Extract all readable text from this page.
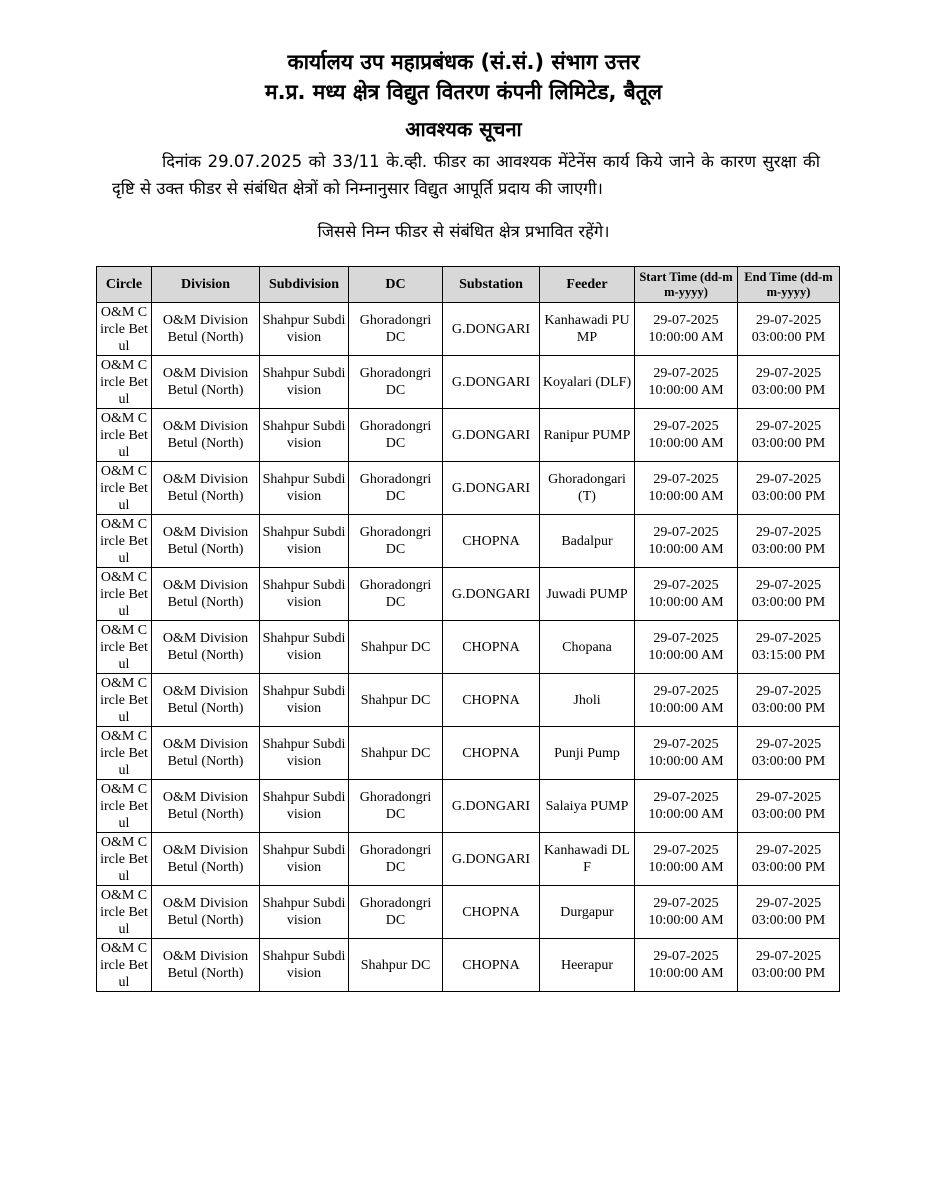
कार्यालय उप महाप्रबंधक (सं.सं.) संभाग उत्तर
म.प्र. मध्य क्षेत्र विद्युत वितरण कंपनी लिमिटेड, बैतूल
आवश्यक सूचना
दिनांक 29.07.2025 को 33/11 के.व्ही. फीडर का आवश्यक मेंटेनेंस कार्य किये जाने के कारण सुरक्षा की दृष्टि से उक्त फीडर से संबंधित क्षेत्रों को निम्नानुसार विद्युत आपूर्ति प्रदाय की जाएगी।
जिससे निम्न फीडर से संबंधित क्षेत्र प्रभावित रहेंगे।
Circle	Division	Subdivision	DC	Substation	Feeder	Start Time (dd-mm-yyyy)	End Time (dd-mm-yyyy)
O&M Circle Betul	O&M Division Betul (North)	Shahpur Subdivision	Ghoradongri DC	G.DONGARI	Kanhawadi PUMP	29-07-2025 10:00:00 AM	29-07-2025 03:00:00 PM
O&M Circle Betul	O&M Division Betul (North)	Shahpur Subdivision	Ghoradongri DC	G.DONGARI	Koyalari (DLF)	29-07-2025 10:00:00 AM	29-07-2025 03:00:00 PM
O&M Circle Betul	O&M Division Betul (North)	Shahpur Subdivision	Ghoradongri DC	G.DONGARI	Ranipur PUMP	29-07-2025 10:00:00 AM	29-07-2025 03:00:00 PM
O&M Circle Betul	O&M Division Betul (North)	Shahpur Subdivision	Ghoradongri DC	G.DONGARI	Ghoradongari (T)	29-07-2025 10:00:00 AM	29-07-2025 03:00:00 PM
O&M Circle Betul	O&M Division Betul (North)	Shahpur Subdivision	Ghoradongri DC	CHOPNA	Badalpur	29-07-2025 10:00:00 AM	29-07-2025 03:00:00 PM
O&M Circle Betul	O&M Division Betul (North)	Shahpur Subdivision	Ghoradongri DC	G.DONGARI	Juwadi PUMP	29-07-2025 10:00:00 AM	29-07-2025 03:00:00 PM
O&M Circle Betul	O&M Division Betul (North)	Shahpur Subdivision	Shahpur DC	CHOPNA	Chopana	29-07-2025 10:00:00 AM	29-07-2025 03:15:00 PM
O&M Circle Betul	O&M Division Betul (North)	Shahpur Subdivision	Shahpur DC	CHOPNA	Jholi	29-07-2025 10:00:00 AM	29-07-2025 03:00:00 PM
O&M Circle Betul	O&M Division Betul (North)	Shahpur Subdivision	Shahpur DC	CHOPNA	Punji Pump	29-07-2025 10:00:00 AM	29-07-2025 03:00:00 PM
O&M Circle Betul	O&M Division Betul (North)	Shahpur Subdivision	Ghoradongri DC	G.DONGARI	Salaiya PUMP	29-07-2025 10:00:00 AM	29-07-2025 03:00:00 PM
O&M Circle Betul	O&M Division Betul (North)	Shahpur Subdivision	Ghoradongri DC	G.DONGARI	Kanhawadi DLF	29-07-2025 10:00:00 AM	29-07-2025 03:00:00 PM
O&M Circle Betul	O&M Division Betul (North)	Shahpur Subdivision	Ghoradongri DC	CHOPNA	Durgapur	29-07-2025 10:00:00 AM	29-07-2025 03:00:00 PM
O&M Circle Betul	O&M Division Betul (North)	Shahpur Subdivision	Shahpur DC	CHOPNA	Heerapur	29-07-2025 10:00:00 AM	29-07-2025 03:00:00 PM
